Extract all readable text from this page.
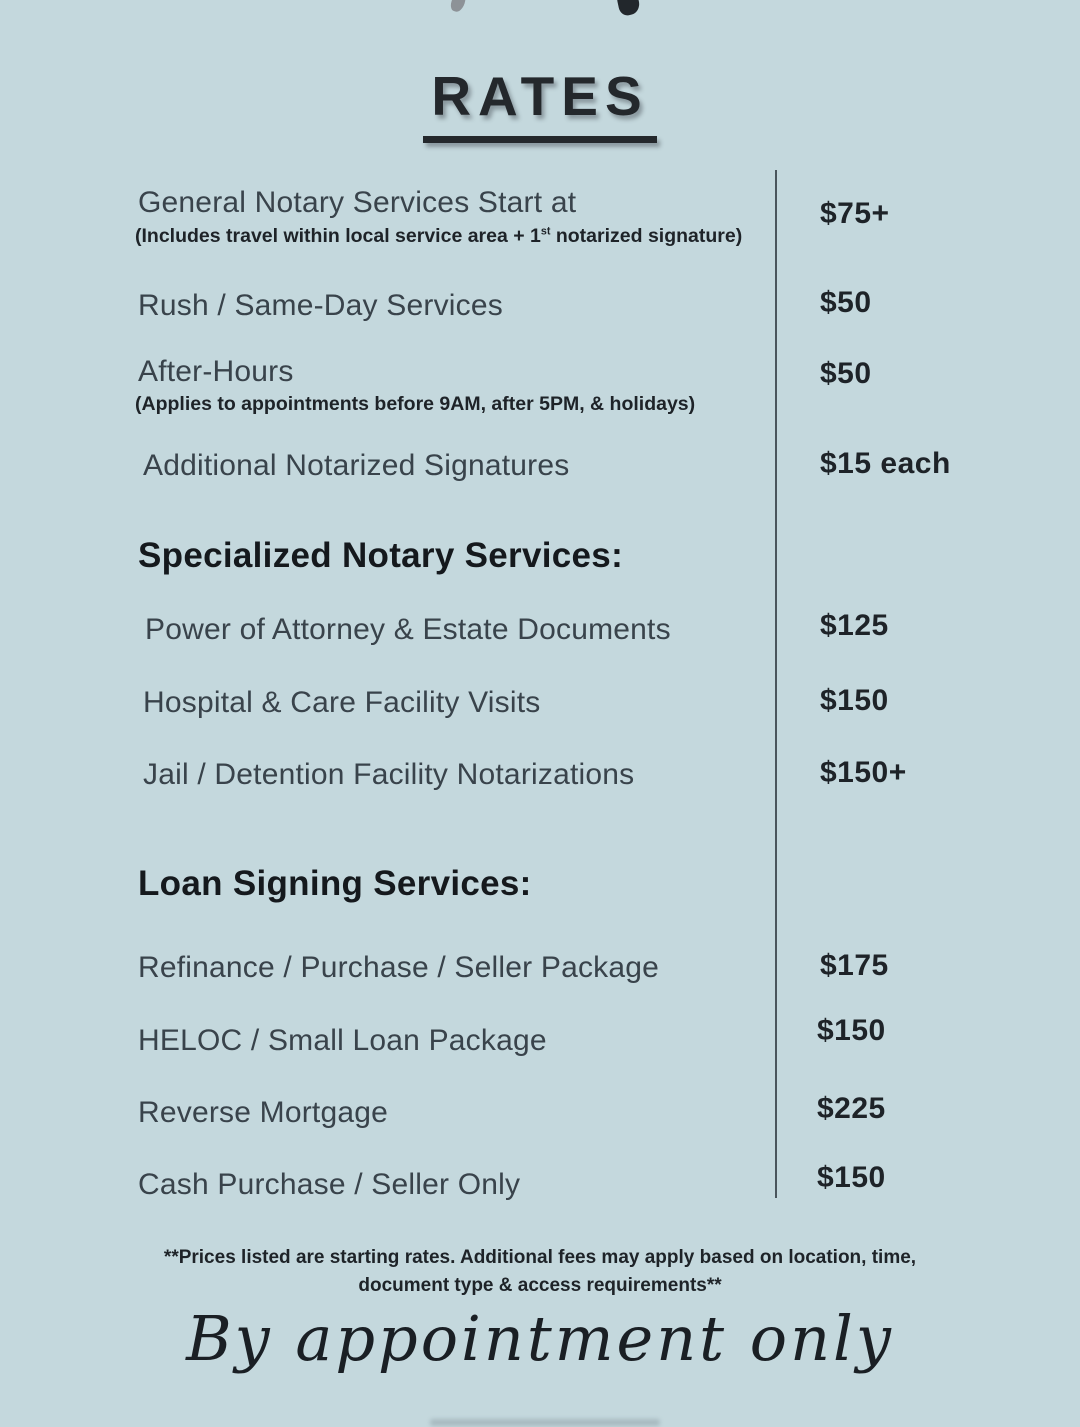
RATES
General Notary Services Start at
(Includes travel within local service area + 1st notarized signature)
$75+
Rush / Same-Day Services	$50
After-Hours
(Applies to appointments before 9AM, after 5PM, & holidays)
$50
Additional Notarized Signatures	$15 each
Specialized Notary Services:
Power of Attorney & Estate Documents	$125
Hospital & Care Facility Visits	$150
Jail / Detention Facility Notarizations	$150+
Loan Signing Services:
Refinance / Purchase / Seller Package	$175
HELOC / Small Loan Package	$150
Reverse Mortgage	$225
Cash Purchase / Seller Only	$150
**Prices listed are starting rates. Additional fees may apply based on location, time,
document type & access requirements**
By appointment only
